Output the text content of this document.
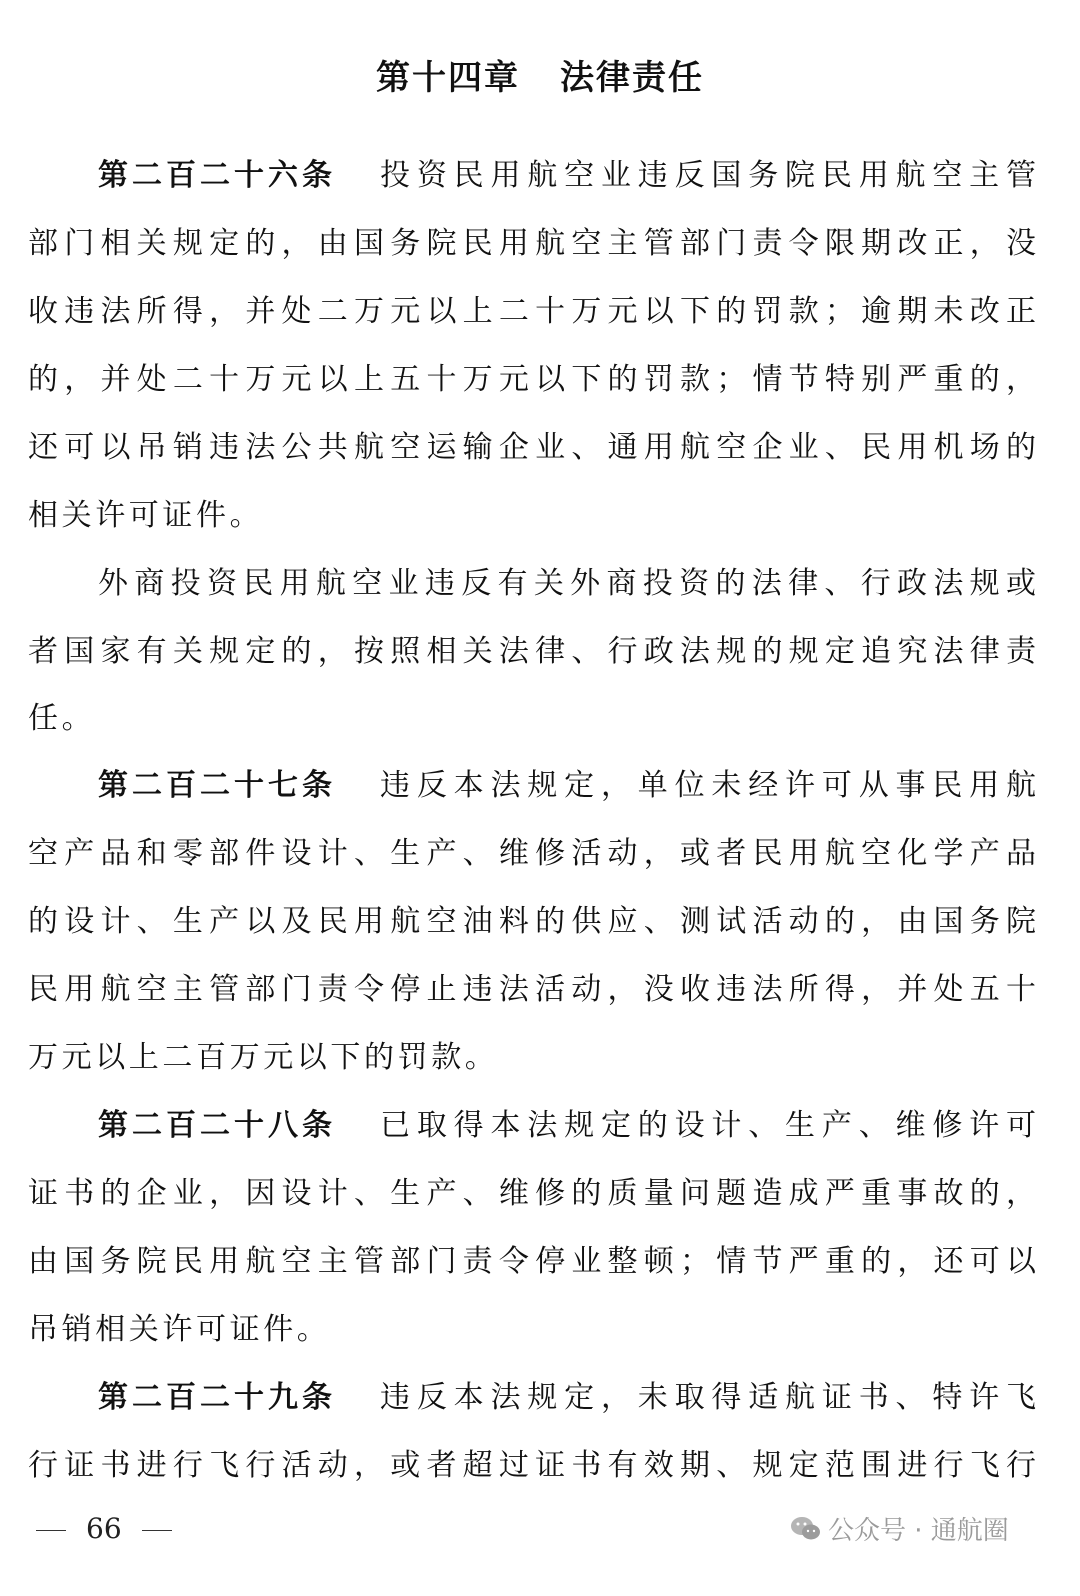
第十四章 法律责任
第二百二十六条 投资民用航空业违反国务院民用航空主管
部门相关规定的，由国务院民用航空主管部门责令限期改正，没
收违法所得，并处二万元以上二十万元以下的罚款；逾期未改正
的，并处二十万元以上五十万元以下的罚款；情节特别严重的，
还可以吊销违法公共航空运输企业、通用航空企业、民用机场的
相关许可证件。
外商投资民用航空业违反有关外商投资的法律、行政法规或
者国家有关规定的，按照相关法律、行政法规的规定追究法律责
任。
第二百二十七条 违反本法规定，单位未经许可从事民用航
空产品和零部件设计、生产、维修活动，或者民用航空化学产品
的设计、生产以及民用航空油料的供应、测试活动的，由国务院
民用航空主管部门责令停止违法活动，没收违法所得，并处五十
万元以上二百万元以下的罚款。
第二百二十八条 已取得本法规定的设计、生产、维修许可
证书的企业，因设计、生产、维修的质量问题造成严重事故的，
由国务院民用航空主管部门责令停业整顿；情节严重的，还可以
吊销相关许可证件。
第二百二十九条 违反本法规定，未取得适航证书、特许飞
行证书进行飞行活动，或者超过证书有效期、规定范围进行飞行
66	公众号 · 通航圈
